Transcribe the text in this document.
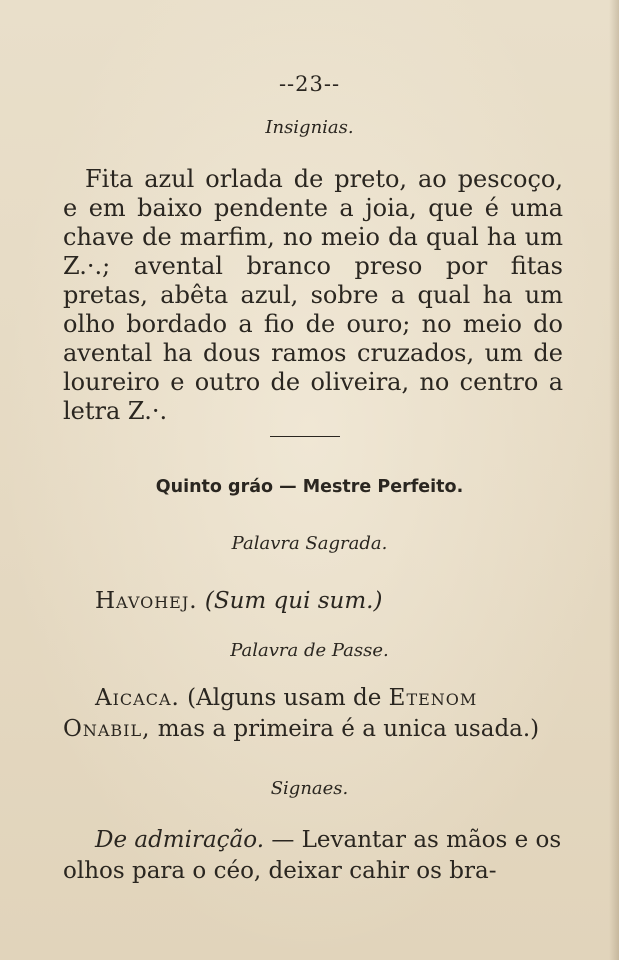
--23--
Insignias.

Fita azul orlada de preto, ao pescoço, e em baixo pendente a joia, que é uma chave de marfim, no meio da qual ha um Z.·.; avental branco preso por fitas pretas, abêta azul, sobre a qual ha um olho bordado a fio de ouro; no meio do avental ha dous ramos cruzados, um de loureiro e outro de oliveira, no centro a letra Z.·.

Quinto gráo — Mestre Perfeito.
Palavra Sagrada.
Havohej. (Sum qui sum.)
Palavra de Passe.

Aicaca. (Alguns usam de Etenom Onabil, mas a primeira é a unica usada.)

Signaes.

De admiração. — Levantar as mãos e os olhos para o céo, deixar cahir os bra-
